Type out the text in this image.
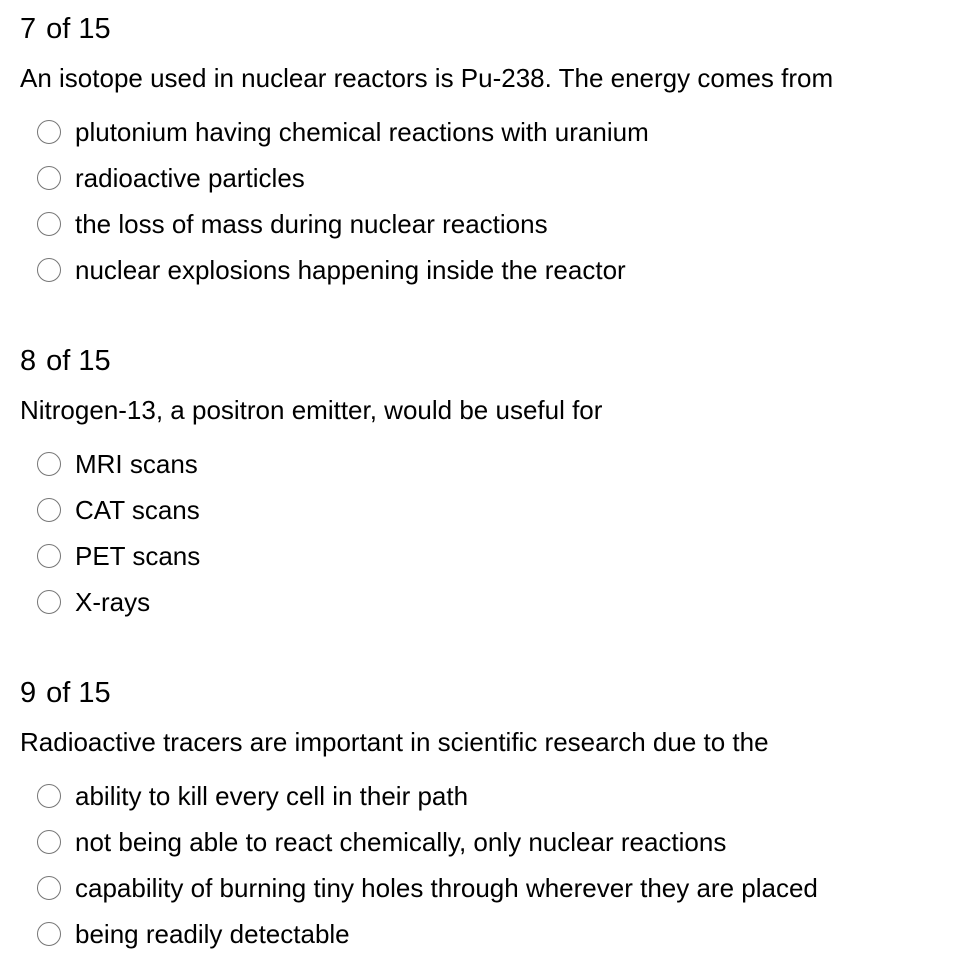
7 of 15
An isotope used in nuclear reactors is Pu-238. The energy comes from
plutonium having chemical reactions with uranium
radioactive particles
the loss of mass during nuclear reactions
nuclear explosions happening inside the reactor
8 of 15
Nitrogen-13, a positron emitter, would be useful for
MRI scans
CAT scans
PET scans
X-rays
9 of 15
Radioactive tracers are important in scientific research due to the
ability to kill every cell in their path
not being able to react chemically, only nuclear reactions
capability of burning tiny holes through wherever they are placed
being readily detectable
